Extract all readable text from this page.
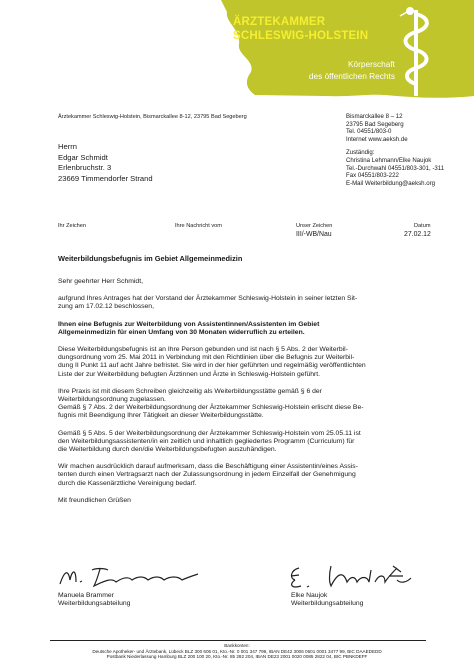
ÄRZTEKAMMER
SCHLESWIG-HOLSTEIN
Körperschaft
des öffentlichen Rechts
Ärztekammer Schleswig-Holstein, Bismarckallee 8-12, 23795 Bad Segeberg
Herrn
Edgar Schmidt
Erlenbruchstr. 3
23669 Timmendorfer Strand
Bismarckallee 8 – 12
23795 Bad Segeberg
Tel. 04551/803-0
Internet www.aeksh.de
Zuständig:
Christina Lehmann/Elke Naujok
Tel.-Durchwahl 04551/803-301, -311
Fax 04551/803-222
E-Mail Weiterbildung@aeksh.org
Ihr Zeichen	Ihre Nachricht vom	Unser Zeichen
III/-WB/Nau
Datum
27.02.12
Weiterbildungsbefugnis im Gebiet Allgemeinmedizin
Sehr geehrter Herr Schmidt,
aufgrund Ihres Antrages hat der Vorstand der Ärztekammer Schleswig-Holstein in seiner letzten Sit-
zung am 17.02.12 beschlossen,
Ihnen eine Befugnis zur Weiterbildung von Assistentinnen/Assistenten im Gebiet
Allgemeinmedizin für einen Umfang von 30 Monaten widerruflich zu erteilen.
Diese Weiterbildungsbefugnis ist an Ihre Person gebunden und ist nach § 5 Abs. 2 der Weiterbil-
dungsordnung vom 25. Mai 2011 in Verbindung mit den Richtlinien über die Befugnis zur Weiterbil-
dung II Punkt 11 auf acht Jahre befristet. Sie wird in der hier geführten und regelmäßig veröffentlichten
Liste der zur Weiterbildung befugten Ärztinnen und Ärzte in Schleswig-Holstein geführt.
Ihre Praxis ist mit diesem Schreiben gleichzeitig als Weiterbildungsstätte gemäß § 6 der
Weiterbildungsordnung zugelassen.
Gemäß § 7 Abs. 2 der Weiterbildungsordnung der Ärztekammer Schleswig-Holstein erlischt diese Be-
fugnis mit Beendigung Ihrer Tätigkeit an dieser Weiterbildungsstätte.
Gemäß § 5 Abs. 5 der Weiterbildungsordnung der Ärztekammer Schleswig-Holstein vom 25.05.11 ist
den Weiterbildungsassistenten/in ein zeitlich und inhaltlich gegliedertes Programm (Curriculum) für
die Weiterbildung durch den/die Weiterbildungsbefugten auszuhändigen.
Wir machen ausdrücklich darauf aufmerksam, dass die Beschäftigung einer Assistentin/eines Assis-
tenten durch einen Vertragsarzt nach der Zulassungsordnung in jedem Einzelfall der Genehmigung
durch die Kassenärztliche Vereinigung bedarf.
Mit freundlichen Grüßen
Manuela Brammer
Weiterbildungsabteilung
Elke Naujok
Weiterbildungsabteilung
Bankkonten:
Deutsche Apotheker- und Ärztebank, Lübeck BLZ 300 606 01, Kto.-Nr. 0 001 347 799, IBAN DE42 3006 0601 0001 3477 99, BIC DAAEDEDD
Postbank Niederlassung Hamburg BLZ 200 100 20, Kto.-Nr. 85 282 204, IBAN DE23 2001 0020 0085 2822 04, BIC PBNKDEFF
